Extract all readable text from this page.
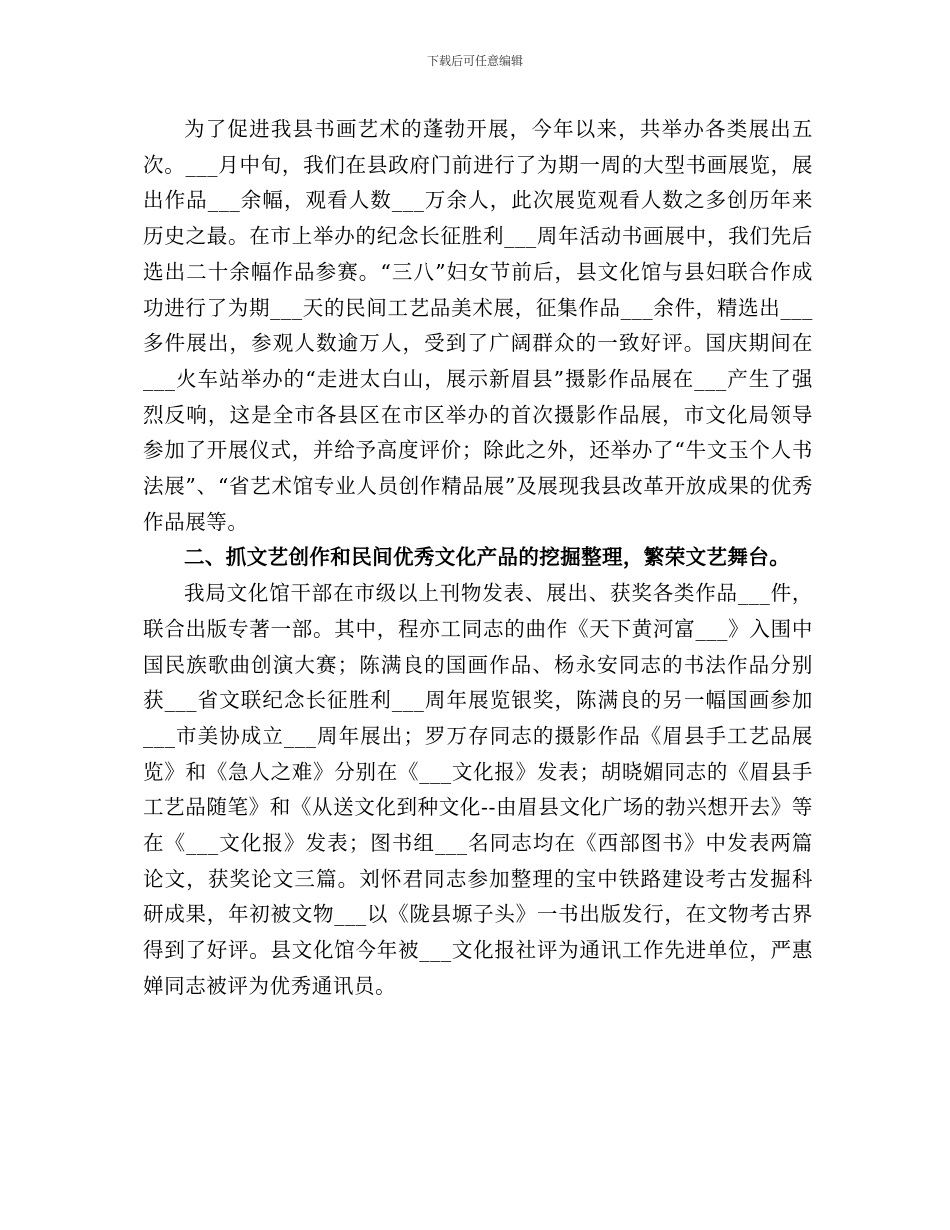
下载后可任意编辑

为了促进我县书画艺术的蓬勃开展，今年以来，共举办各类展出五次。___月中旬，我们在县政府门前进行了为期一周的大型书画展览，展出作品___余幅，观看人数___万余人，此次展览观看人数之多创历年来历史之最。在市上举办的纪念长征胜利___周年活动书画展中，我们先后选出二十余幅作品参赛。“三八”妇女节前后，县文化馆与县妇联合作成功进行了为期___天的民间工艺品美术展，征集作品___余件，精选出___多件展出，参观人数逾万人，受到了广阔群众的一致好评。国庆期间在___火车站举办的“走进太白山，展示新眉县”摄影作品展在___产生了强烈反响，这是全市各县区在市区举办的首次摄影作品展，市文化局领导参加了开展仪式，并给予高度评价；除此之外，还举办了“牛文玉个人书法展”、“省艺术馆专业人员创作精品展”及展现我县改革开放成果的优秀作品展等。

二、抓文艺创作和民间优秀文化产品的挖掘整理，繁荣文艺舞台。

我局文化馆干部在市级以上刊物发表、展出、获奖各类作品___件，联合出版专著一部。其中，程亦工同志的曲作《天下黄河富___》入围中国民族歌曲创演大赛；陈满良的国画作品、杨永安同志的书法作品分别获___省文联纪念长征胜利___周年展览银奖，陈满良的另一幅国画参加___市美协成立___周年展出；罗万存同志的摄影作品《眉县手工艺品展览》和《急人之难》分别在《___文化报》发表；胡晓媚同志的《眉县手工艺品随笔》和《从送文化到种文化--由眉县文化广场的勃兴想开去》等在《___文化报》发表；图书组___名同志均在《西部图书》中发表两篇论文，获奖论文三篇。刘怀君同志参加整理的宝中铁路建设考古发掘科研成果，年初被文物___以《陇县塬子头》一书出版发行，在文物考古界得到了好评。县文化馆今年被___文化报社评为通讯工作先进单位，严惠婵同志被评为优秀通讯员。
